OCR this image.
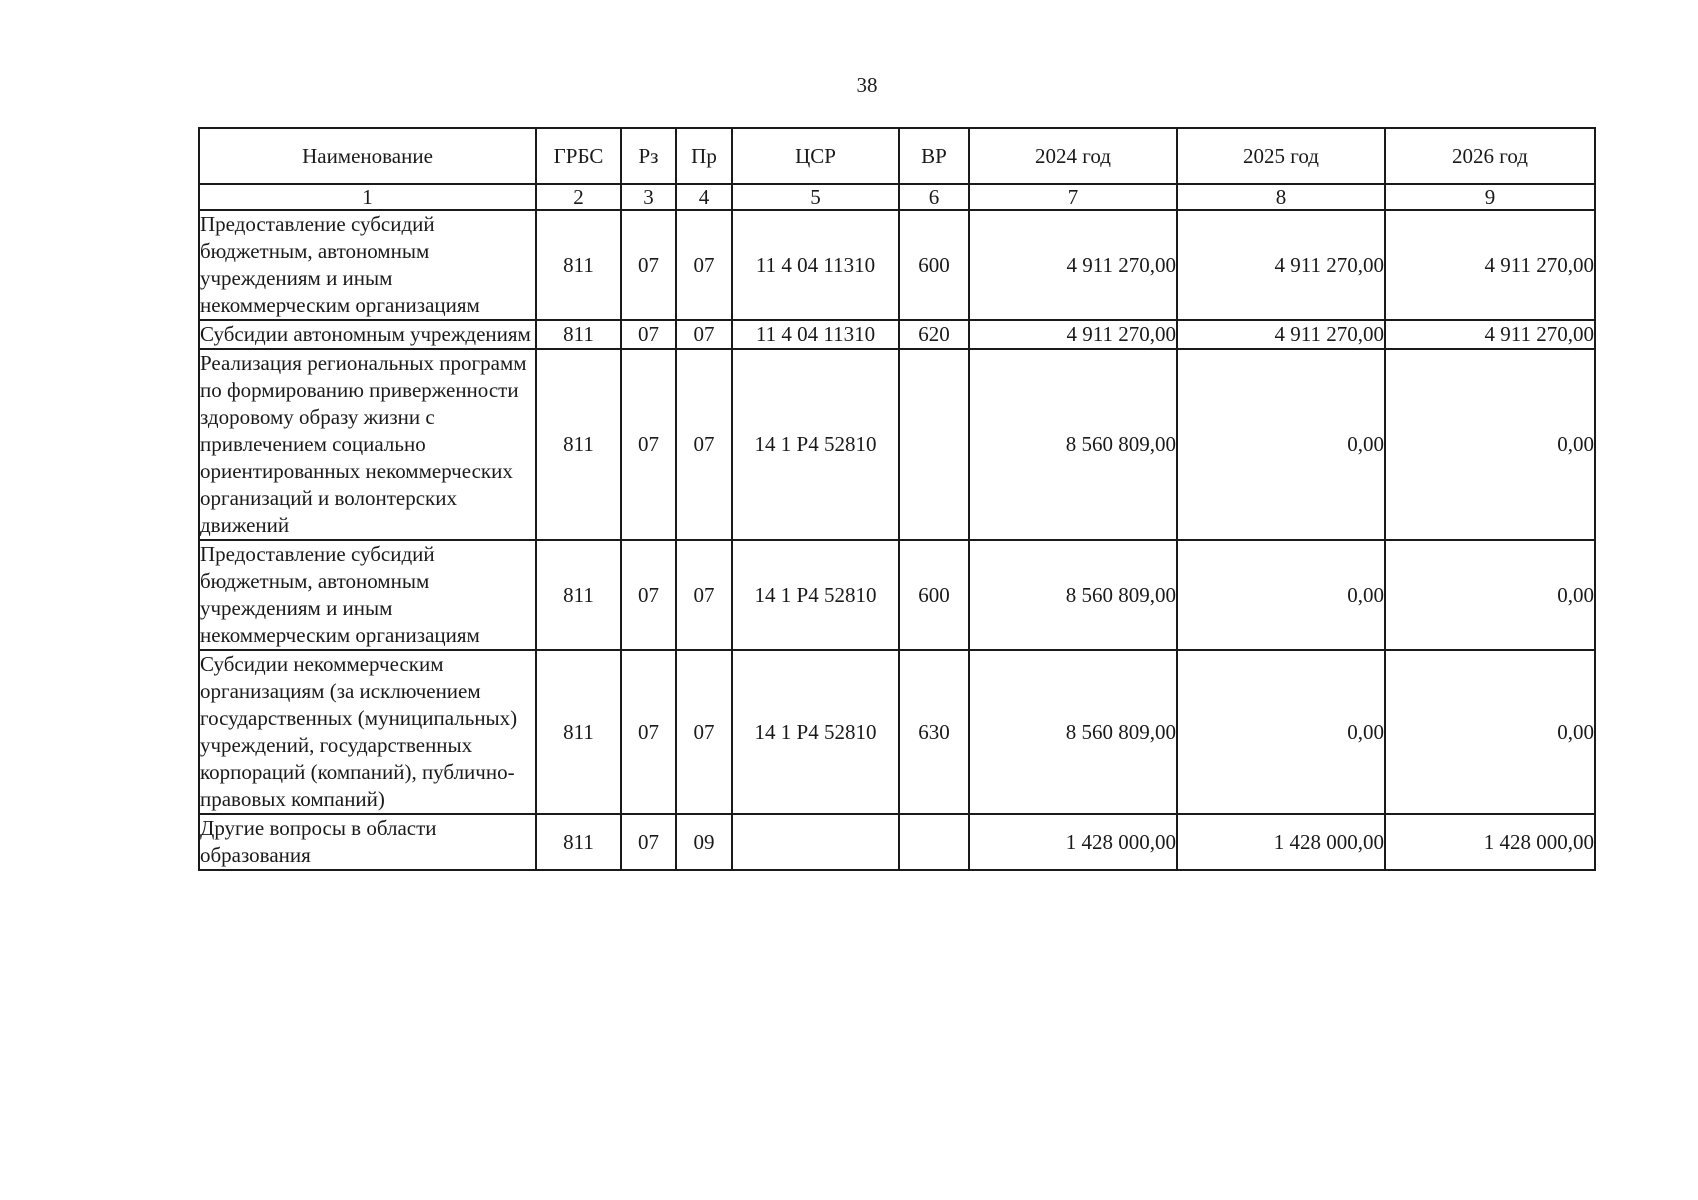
38
Наименование	ГРБС	Рз	Пр	ЦСР	ВР	2024 год	2025 год	2026 год
1	2	3	4	5	6	7	8	9
Предоставление субсидий бюджетным, автономным учреждениям и иным некоммерческим организациям	811	07	07	11 4 04 11310	600	4 911 270,00	4 911 270,00	4 911 270,00
Субсидии автономным учреждениям	811	07	07	11 4 04 11310	620	4 911 270,00	4 911 270,00	4 911 270,00
Реализация региональных программ по формированию приверженности здоровому образу жизни с привлечением социально ориентированных некоммерческих организаций и волонтерских движений	811	07	07	14 1 Р4 52810		8 560 809,00	0,00	0,00
Предоставление субсидий бюджетным, автономным учреждениям и иным некоммерческим организациям	811	07	07	14 1 Р4 52810	600	8 560 809,00	0,00	0,00
Субсидии некоммерческим организациям (за исключением государственных (муниципальных) учреждений, государственных корпораций (компаний), публично-правовых компаний)	811	07	07	14 1 Р4 52810	630	8 560 809,00	0,00	0,00
Другие вопросы в области образования	811	07	09			1 428 000,00	1 428 000,00	1 428 000,00
